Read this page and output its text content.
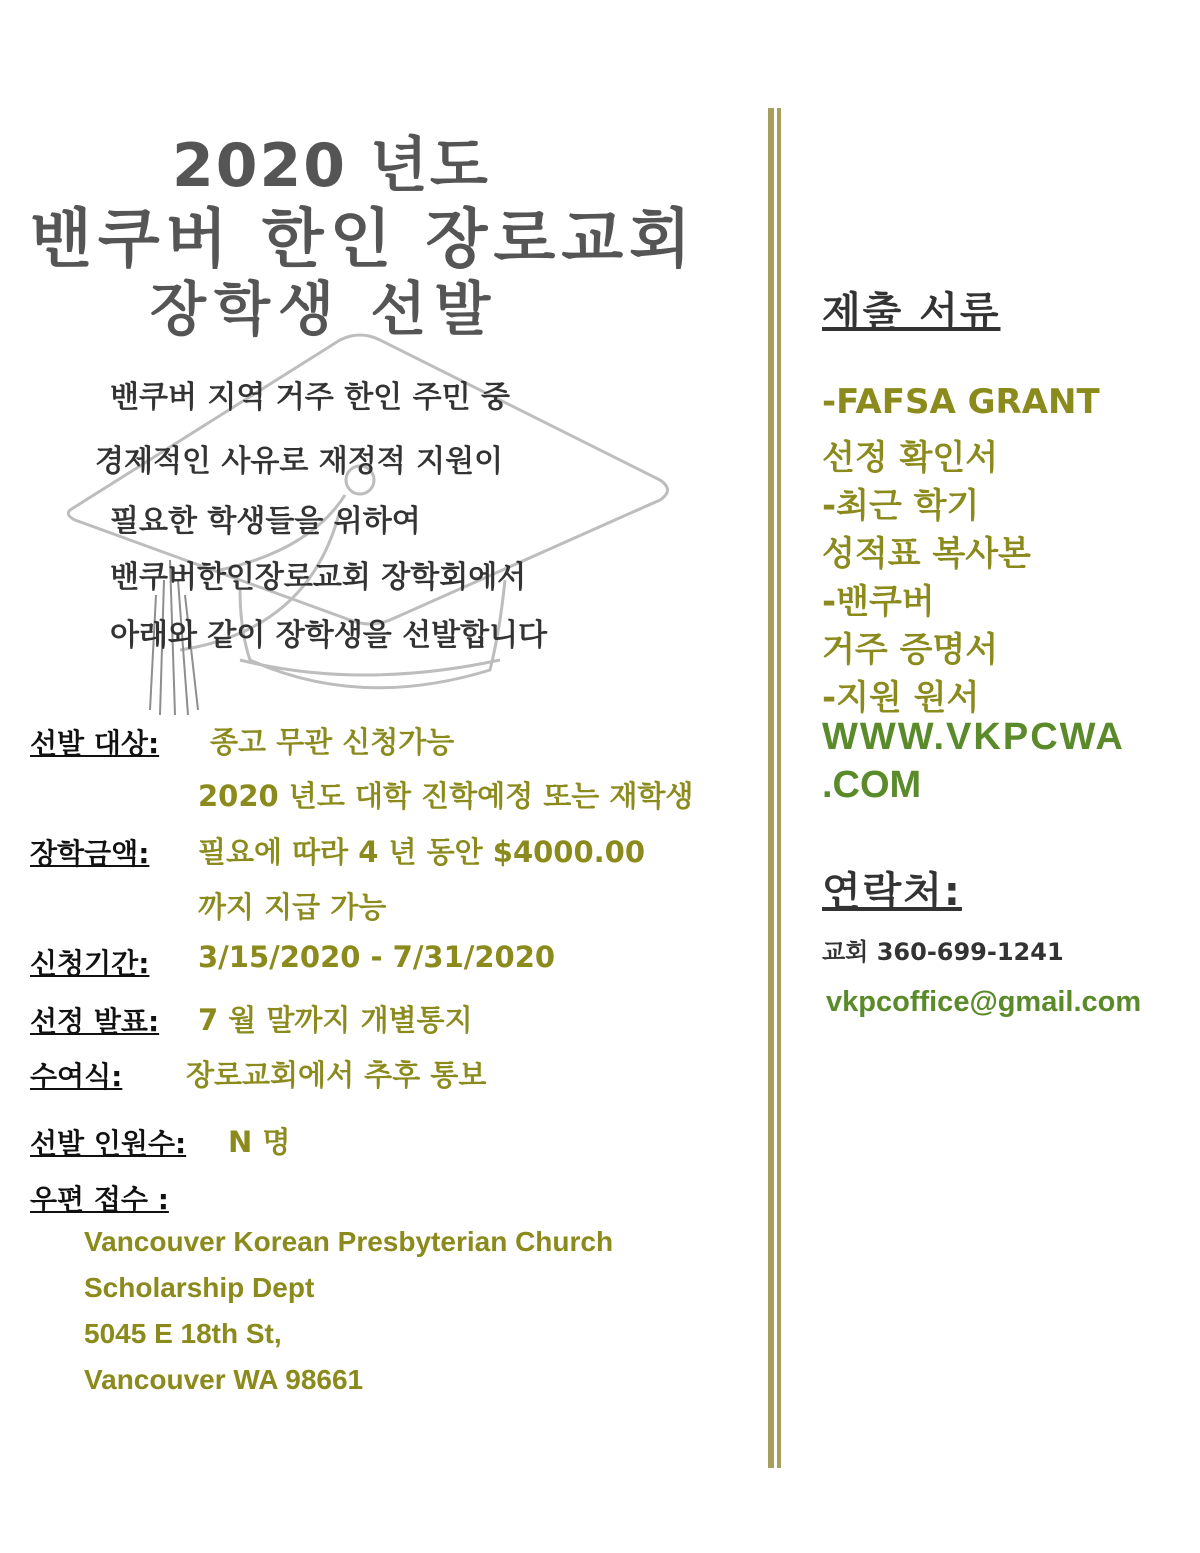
2020 년도
밴쿠버 한인 장로교회
장학생 선발
밴쿠버 지역 거주 한인 주민 중
경제적인 사유로 재정적 지원이
필요한 학생들을 위하여
밴쿠버한인장로교회 장학회에서
아래와 같이 장학생을 선발합니다
선발 대상: 종고 무관 신청가능
2020 년도 대학 진학예정 또는 재학생
장학금액: 필요에 따라 4 년 동안 $4000.00
까지 지급 가능
신청기간: 3/15/2020 - 7/31/2020
선정 발표: 7 월 말까지 개별통지
수여식: 장로교회에서 추후 통보
선발 인원수: N 명
우편 접수 :
Vancouver Korean Presbyterian Church
Scholarship Dept
5045 E 18th St,
Vancouver WA 98661
제출 서류
-FAFSA GRANT
선정 확인서
-최근 학기
성적표 복사본
-밴쿠버
거주 증명서
-지원 원서
WWW.VKPCWA
.COM
연락처:
교회 360-699-1241
vkpcoffice@gmail.com
